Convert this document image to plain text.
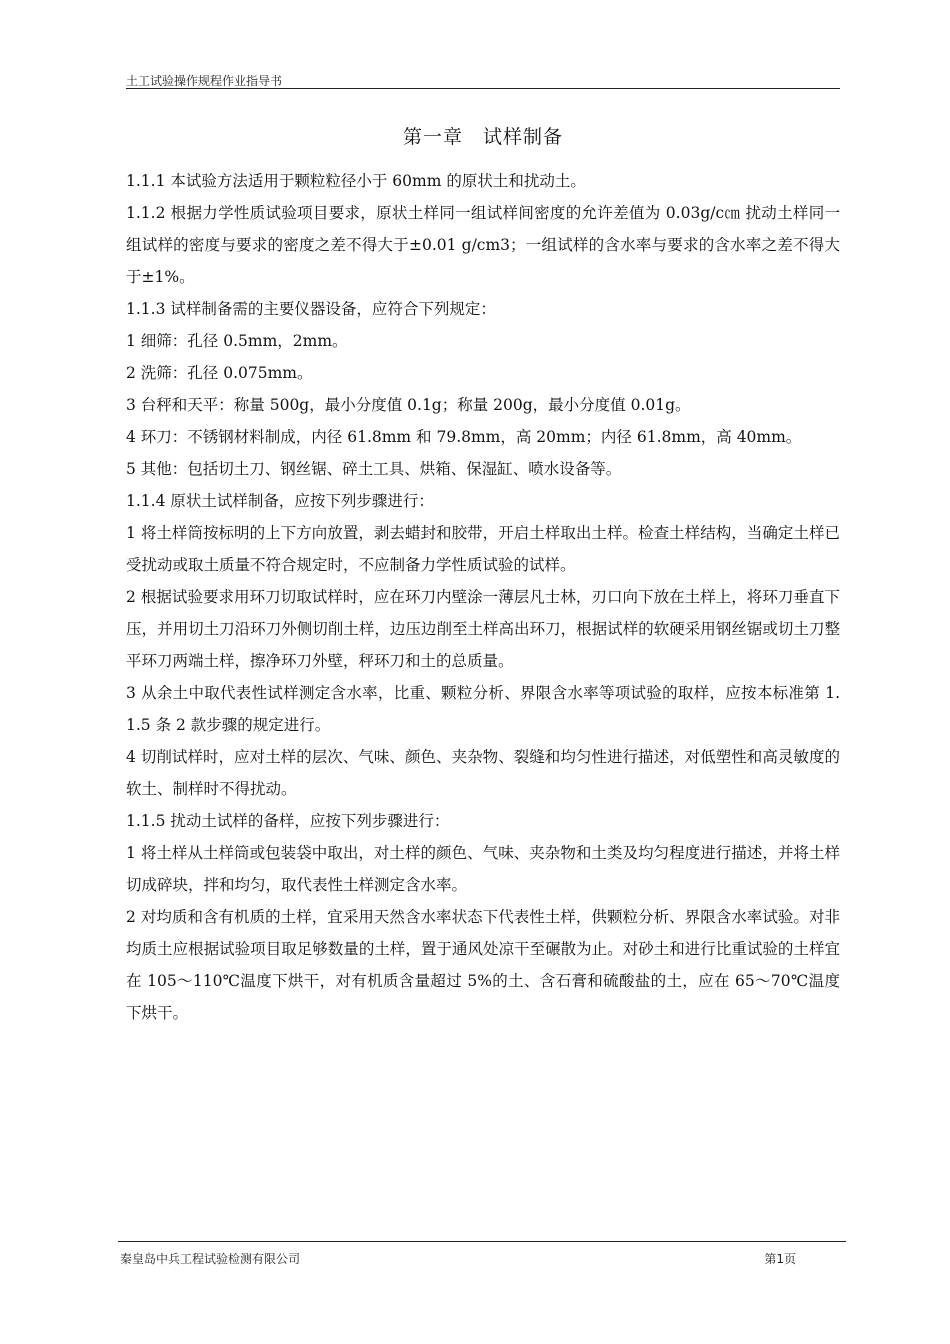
土工试验操作规程作业指导书
第一章　试样制备

1.1.1 本试验方法适用于颗粒粒径小于 60mm 的原状土和扰动土。

1.1.2 根据力学性质试验项目要求，原状土样同一组试样间密度的允许差值为 0.03g/c㎝ 扰动土样同一组试样的密度与要求的密度之差不得大于±0.01 g/cm3；一组试样的含水率与要求的含水率之差不得大于±1%。

1.1.3 试样制备需的主要仪器设备，应符合下列规定：

1 细筛：孔径 0.5mm，2mm。

2 洗筛：孔径 0.075mm。

3 台秤和天平：称量 500g，最小分度值 0.1g；称量 200g，最小分度值 0.01g。

4 环刀：不锈钢材料制成，内径 61.8mm 和 79.8mm，高 20mm；内径 61.8mm，高 40mm。

5 其他：包括切土刀、钢丝锯、碎土工具、烘箱、保湿缸、喷水设备等。

1.1.4 原状土试样制备，应按下列步骤进行：

1 将土样筒按标明的上下方向放置，剥去蜡封和胶带，开启土样取出土样。检查土样结构，当确定土样已受扰动或取土质量不符合规定时，不应制备力学性质试验的试样。

2 根据试验要求用环刀切取试样时，应在环刀内壁涂一薄层凡士林，刃口向下放在土样上，将环刀垂直下压，并用切土刀沿环刀外侧切削土样，边压边削至土样高出环刀，根据试样的软硬采用钢丝锯或切土刀整平环刀两端土样，擦净环刀外壁，秤环刀和土的总质量。

3 从余土中取代表性试样测定含水率，比重、颗粒分析、界限含水率等项试验的取样，应按本标准第 1.1.5 条 2 款步骤的规定进行。

4 切削试样时，应对土样的层次、气味、颜色、夹杂物、裂缝和均匀性进行描述，对低塑性和高灵敏度的软土、制样时不得扰动。

1.1.5 扰动土试样的备样，应按下列步骤进行：

1 将土样从土样筒或包装袋中取出，对土样的颜色、气味、夹杂物和土类及均匀程度进行描述，并将土样切成碎块，拌和均匀，取代表性土样测定含水率。

2 对均质和含有机质的土样，宜采用天然含水率状态下代表性土样，供颗粒分析、界限含水率试验。对非均质土应根据试验项目取足够数量的土样，置于通风处凉干至碾散为止。对砂土和进行比重试验的土样宜在 105～110℃温度下烘干，对有机质含量超过 5%的土、含石膏和硫酸盐的土，应在 65～70℃温度下烘干。

秦皇岛中兵工程试验检测有限公司	第1页
